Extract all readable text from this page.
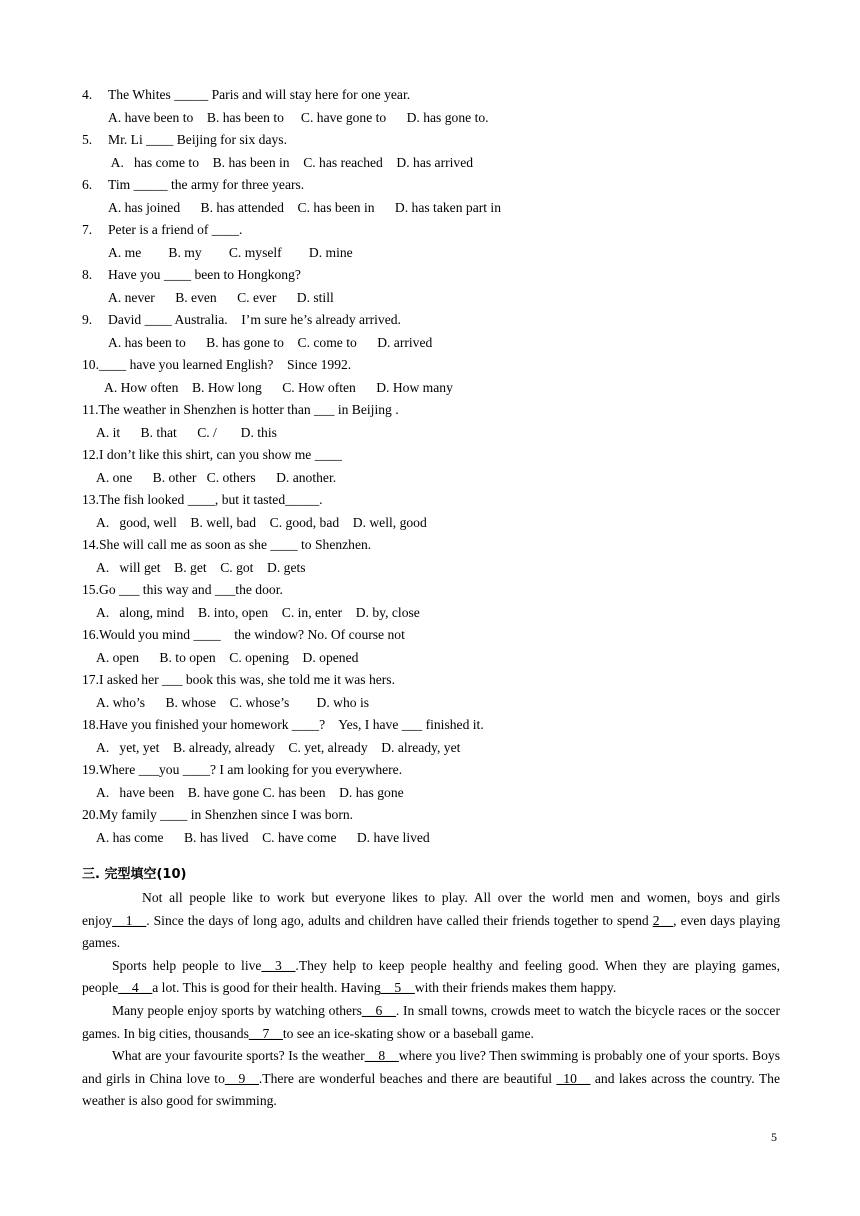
4. The Whites _____ Paris and will stay here for one year.
A. have been to    B. has been to     C. have gone to      D. has gone to.
5. Mr. Li ____ Beijing for six days.
A.   has come to    B. has been in    C. has reached    D. has arrived
6. Tim _____ the army for three years.
A. has joined      B. has attended    C. has been in      D. has taken part in
7. Peter is a friend of ____.
A. me        B. my        C. myself        D. mine
8. Have you ____ been to Hongkong?
A. never      B. even      C. ever      D. still
9. David ____ Australia.    I’m sure he’s already arrived.
A. has been to      B. has gone to    C. come to      D. arrived
10.____ have you learned English?    Since 1992.
A. How often    B. How long      C. How often      D. How many
11.The weather in Shenzhen is hotter than ___ in Beijing .
A. it      B. that      C. /       D. this
12.I don’t like this shirt, can you show me ____
A. one      B. other   C. others      D. another.
13.The fish looked ____, but it tasted_____.
A.   good, well    B. well, bad    C. good, bad    D. well, good
14.She will call me as soon as she ____ to Shenzhen.
A.   will get    B. get    C. got    D. gets
15.Go ___ this way and ___the door.
A.   along, mind    B. into, open    C. in, enter    D. by, close
16.Would you mind ____    the window? No. Of course not
A. open      B. to open    C. opening    D. opened
17.I asked her ___ book this was, she told me it was hers.
A. who’s      B. whose    C. whose’s        D. who is
18.Have you finished your homework ____?    Yes, I have ___ finished it.
A.   yet, yet    B. already, already    C. yet, already    D. already, yet
19.Where ___you ____? I am looking for you everywhere.
A.   have been    B. have gone C. has been    D. has gone
20.My family ____ in Shenzhen since I was born.
A. has come      B. has lived    C. have come      D. have lived
三. 完型填空(10)
Not all people like to work but everyone likes to play. All over the world men and women, boys and girls enjoy__1__. Since the days of long ago, adults and children have called their friends together to spend 2__, even days playing games.
Sports help people to live__3__.They help to keep people healthy and feeling good. When they are playing games, people__4__a lot. This is good for their health. Having__5__with their friends makes them happy.
Many people enjoy sports by watching others__6__. In small towns, crowds meet to watch the bicycle races or the soccer games. In big cities, thousands__7__to see an ice-skating show or a baseball game.
What are your favourite sports? Is the weather__8__where you live? Then swimming is probably one of your sports. Boys and girls in China love to__9__.There are wonderful beaches and there are beautiful _10__ and lakes across the country. The weather is also good for swimming.
5
